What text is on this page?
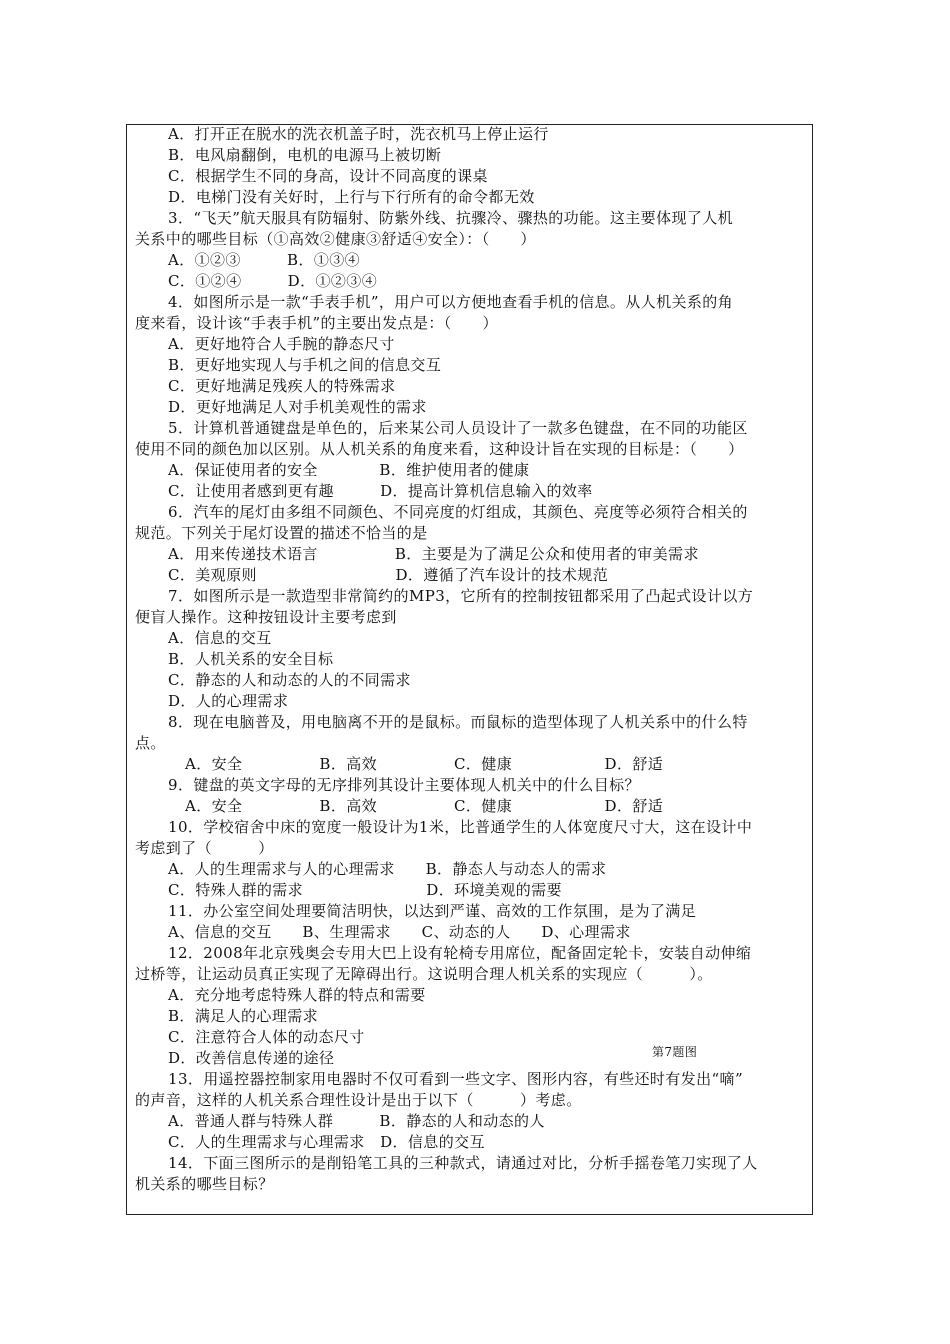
A．打开正在脱水的洗衣机盖子时，洗衣机马上停止运行
B．电风扇翻倒，电机的电源马上被切断
C．根据学生不同的身高，设计不同高度的课桌
D．电梯门没有关好时，上行与下行所有的命令都无效
3．“飞天”航天服具有防辐射、防紫外线、抗骤冷、骤热的功能。这主要体现了人机
关系中的哪些目标（①高效②健康③舒适④安全）：（　　）
A．①②③　　　B．①③④
C．①②④　　　D．①②③④
4．如图所示是一款“手表手机”，用户可以方便地查看手机的信息。从人机关系的角
度来看，设计该“手表手机”的主要出发点是：（　　）
A．更好地符合人手腕的静态尺寸
B．更好地实现人与手机之间的信息交互
C．更好地满足残疾人的特殊需求
D．更好地满足人对手机美观性的需求
5．计算机普通键盘是单色的，后来某公司人员设计了一款多色键盘，在不同的功能区
使用不同的颜色加以区别。从人机关系的角度来看，这种设计旨在实现的目标是：（　　）
A．保证使用者的安全　　　　B．维护使用者的健康
C．让使用者感到更有趣　　　D．提高计算机信息输入的效率
6．汽车的尾灯由多组不同颜色、不同亮度的灯组成，其颜色、亮度等必须符合相关的
规范。下列关于尾灯设置的描述不恰当的是
A．用来传递技术语言　　　　　B．主要是为了满足公众和使用者的审美需求
C．美观原则　　　　　　　　　D．遵循了汽车设计的技术规范
7．如图所示是一款造型非常简约的MP3，它所有的控制按钮都采用了凸起式设计以方
便盲人操作。这种按钮设计主要考虑到
A．信息的交互
B．人机关系的安全目标
C．静态的人和动态的人的不同需求
D．人的心理需求
8．现在电脑普及，用电脑离不开的是鼠标。而鼠标的造型体现了人机关系中的什么特
点。
A．安全　　　　　B．高效　　　　　C．健康　　　　　　D．舒适
9．键盘的英文字母的无序排列其设计主要体现人机关中的什么目标？
A．安全　　　　　B．高效　　　　　C．健康　　　　　　D．舒适
10．学校宿舍中床的宽度一般设计为1米，比普通学生的人体宽度尺寸大，这在设计中
考虑到了（　　　）
A．人的生理需求与人的心理需求　　B．静态人与动态人的需求
C．特殊人群的需求　　　　　　　　D．环境美观的需要
11．办公室空间处理要简洁明快，以达到严谨、高效的工作氛围，是为了满足
A、信息的交互　　B、生理需求　　C、动态的人　　D、心理需求
12．2008年北京残奥会专用大巴上设有轮椅专用席位，配备固定轮卡，安装自动伸缩
过桥等，让运动员真正实现了无障碍出行。这说明合理人机关系的实现应（　　　）。
A．充分地考虑特殊人群的特点和需要
B．满足人的心理需求
C．注意符合人体的动态尺寸
D．改善信息传递的途径
13．用遥控器控制家用电器时不仅可看到一些文字、图形内容，有些还时有发出“嘀”
的声音，这样的人机关系合理性设计是出于以下（　　　）考虑。
A．普通人群与特殊人群　　　B．静态的人和动态的人
C．人的生理需求与心理需求　D．信息的交互
14．下面三图所示的是削铅笔工具的三种款式，请通过对比，分析手摇卷笔刀实现了人
机关系的哪些目标？
第7题图
